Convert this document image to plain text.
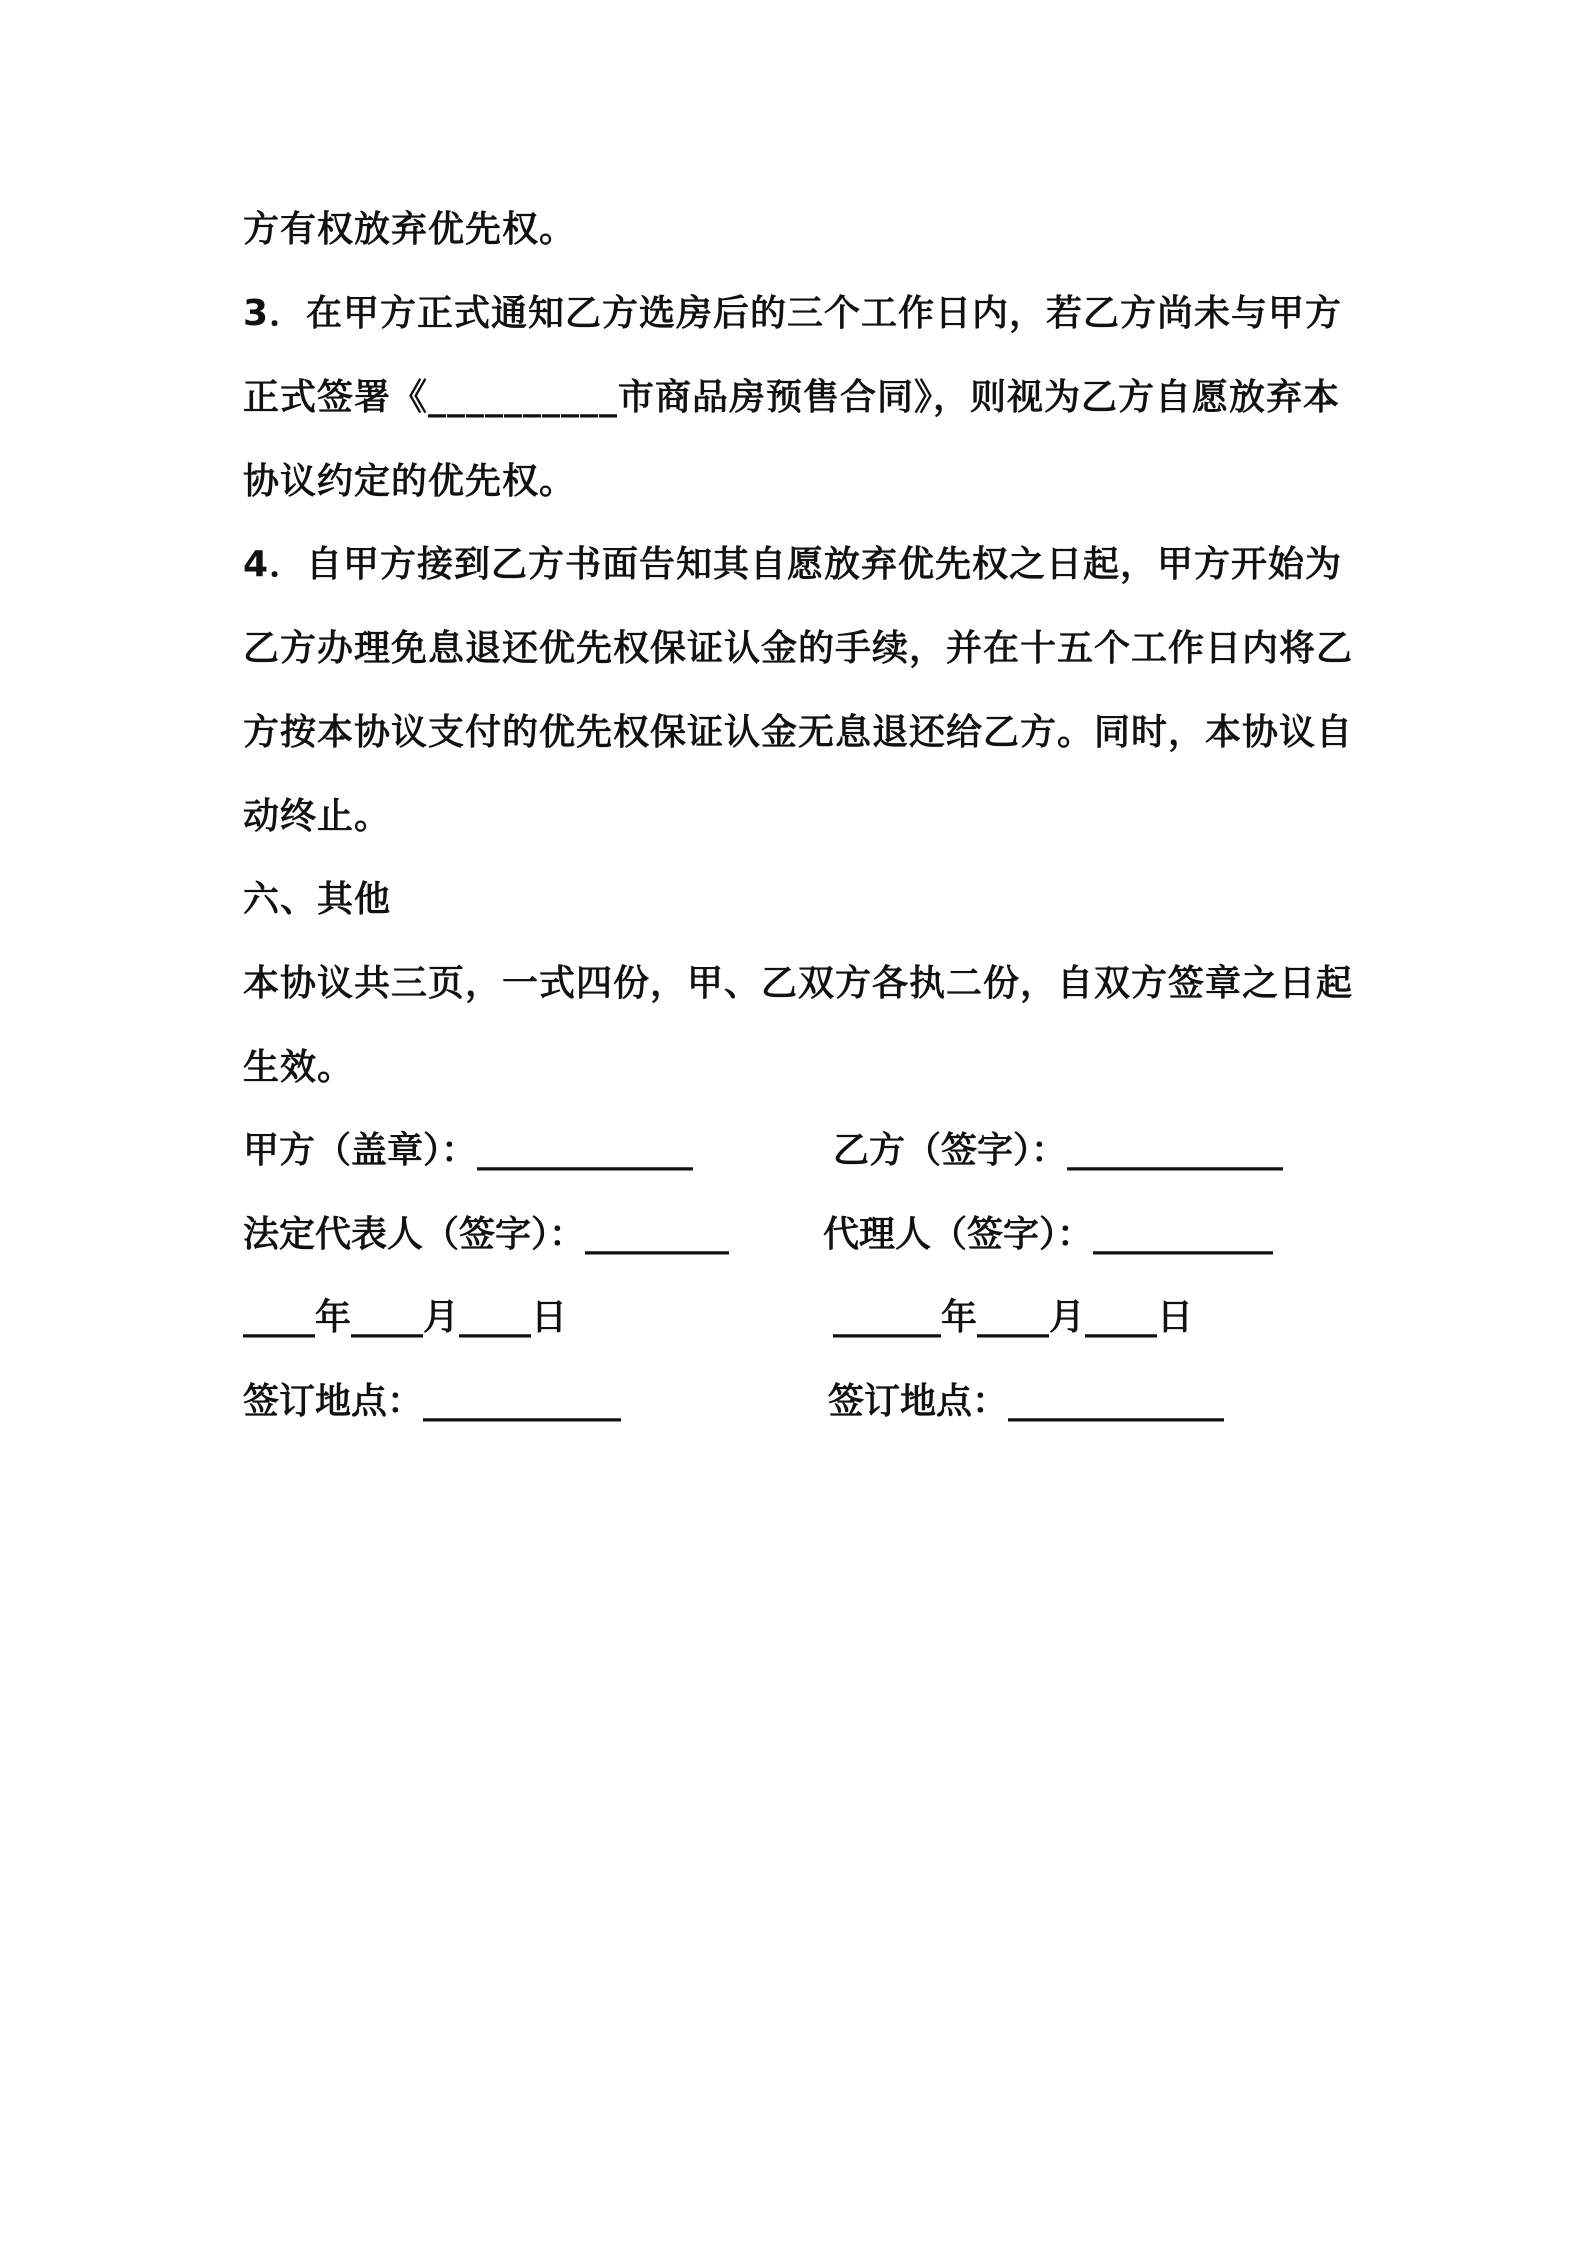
方有权放弃优先权。
3．在甲方正式通知乙方选房后的三个工作日内，若乙方尚未与甲方
正式签署《__________市商品房预售合同》，则视为乙方自愿放弃本
协议约定的优先权。
4．自甲方接到乙方书面告知其自愿放弃优先权之日起，甲方开始为
乙方办理免息退还优先权保证认金的手续，并在十五个工作日内将乙
方按本协议支付的优先权保证认金无息退还给乙方。同时，本协议自
动终止。
六、其他
本协议共三页，一式四份，甲、乙双方各执二份，自双方签章之日起
生效。
甲方（盖章）：____________	乙方（签字）：____________
法定代表人（签字）：________	代理人（签字）：__________
____年____月____日	______年____月____日
签订地点：___________	签订地点：____________
